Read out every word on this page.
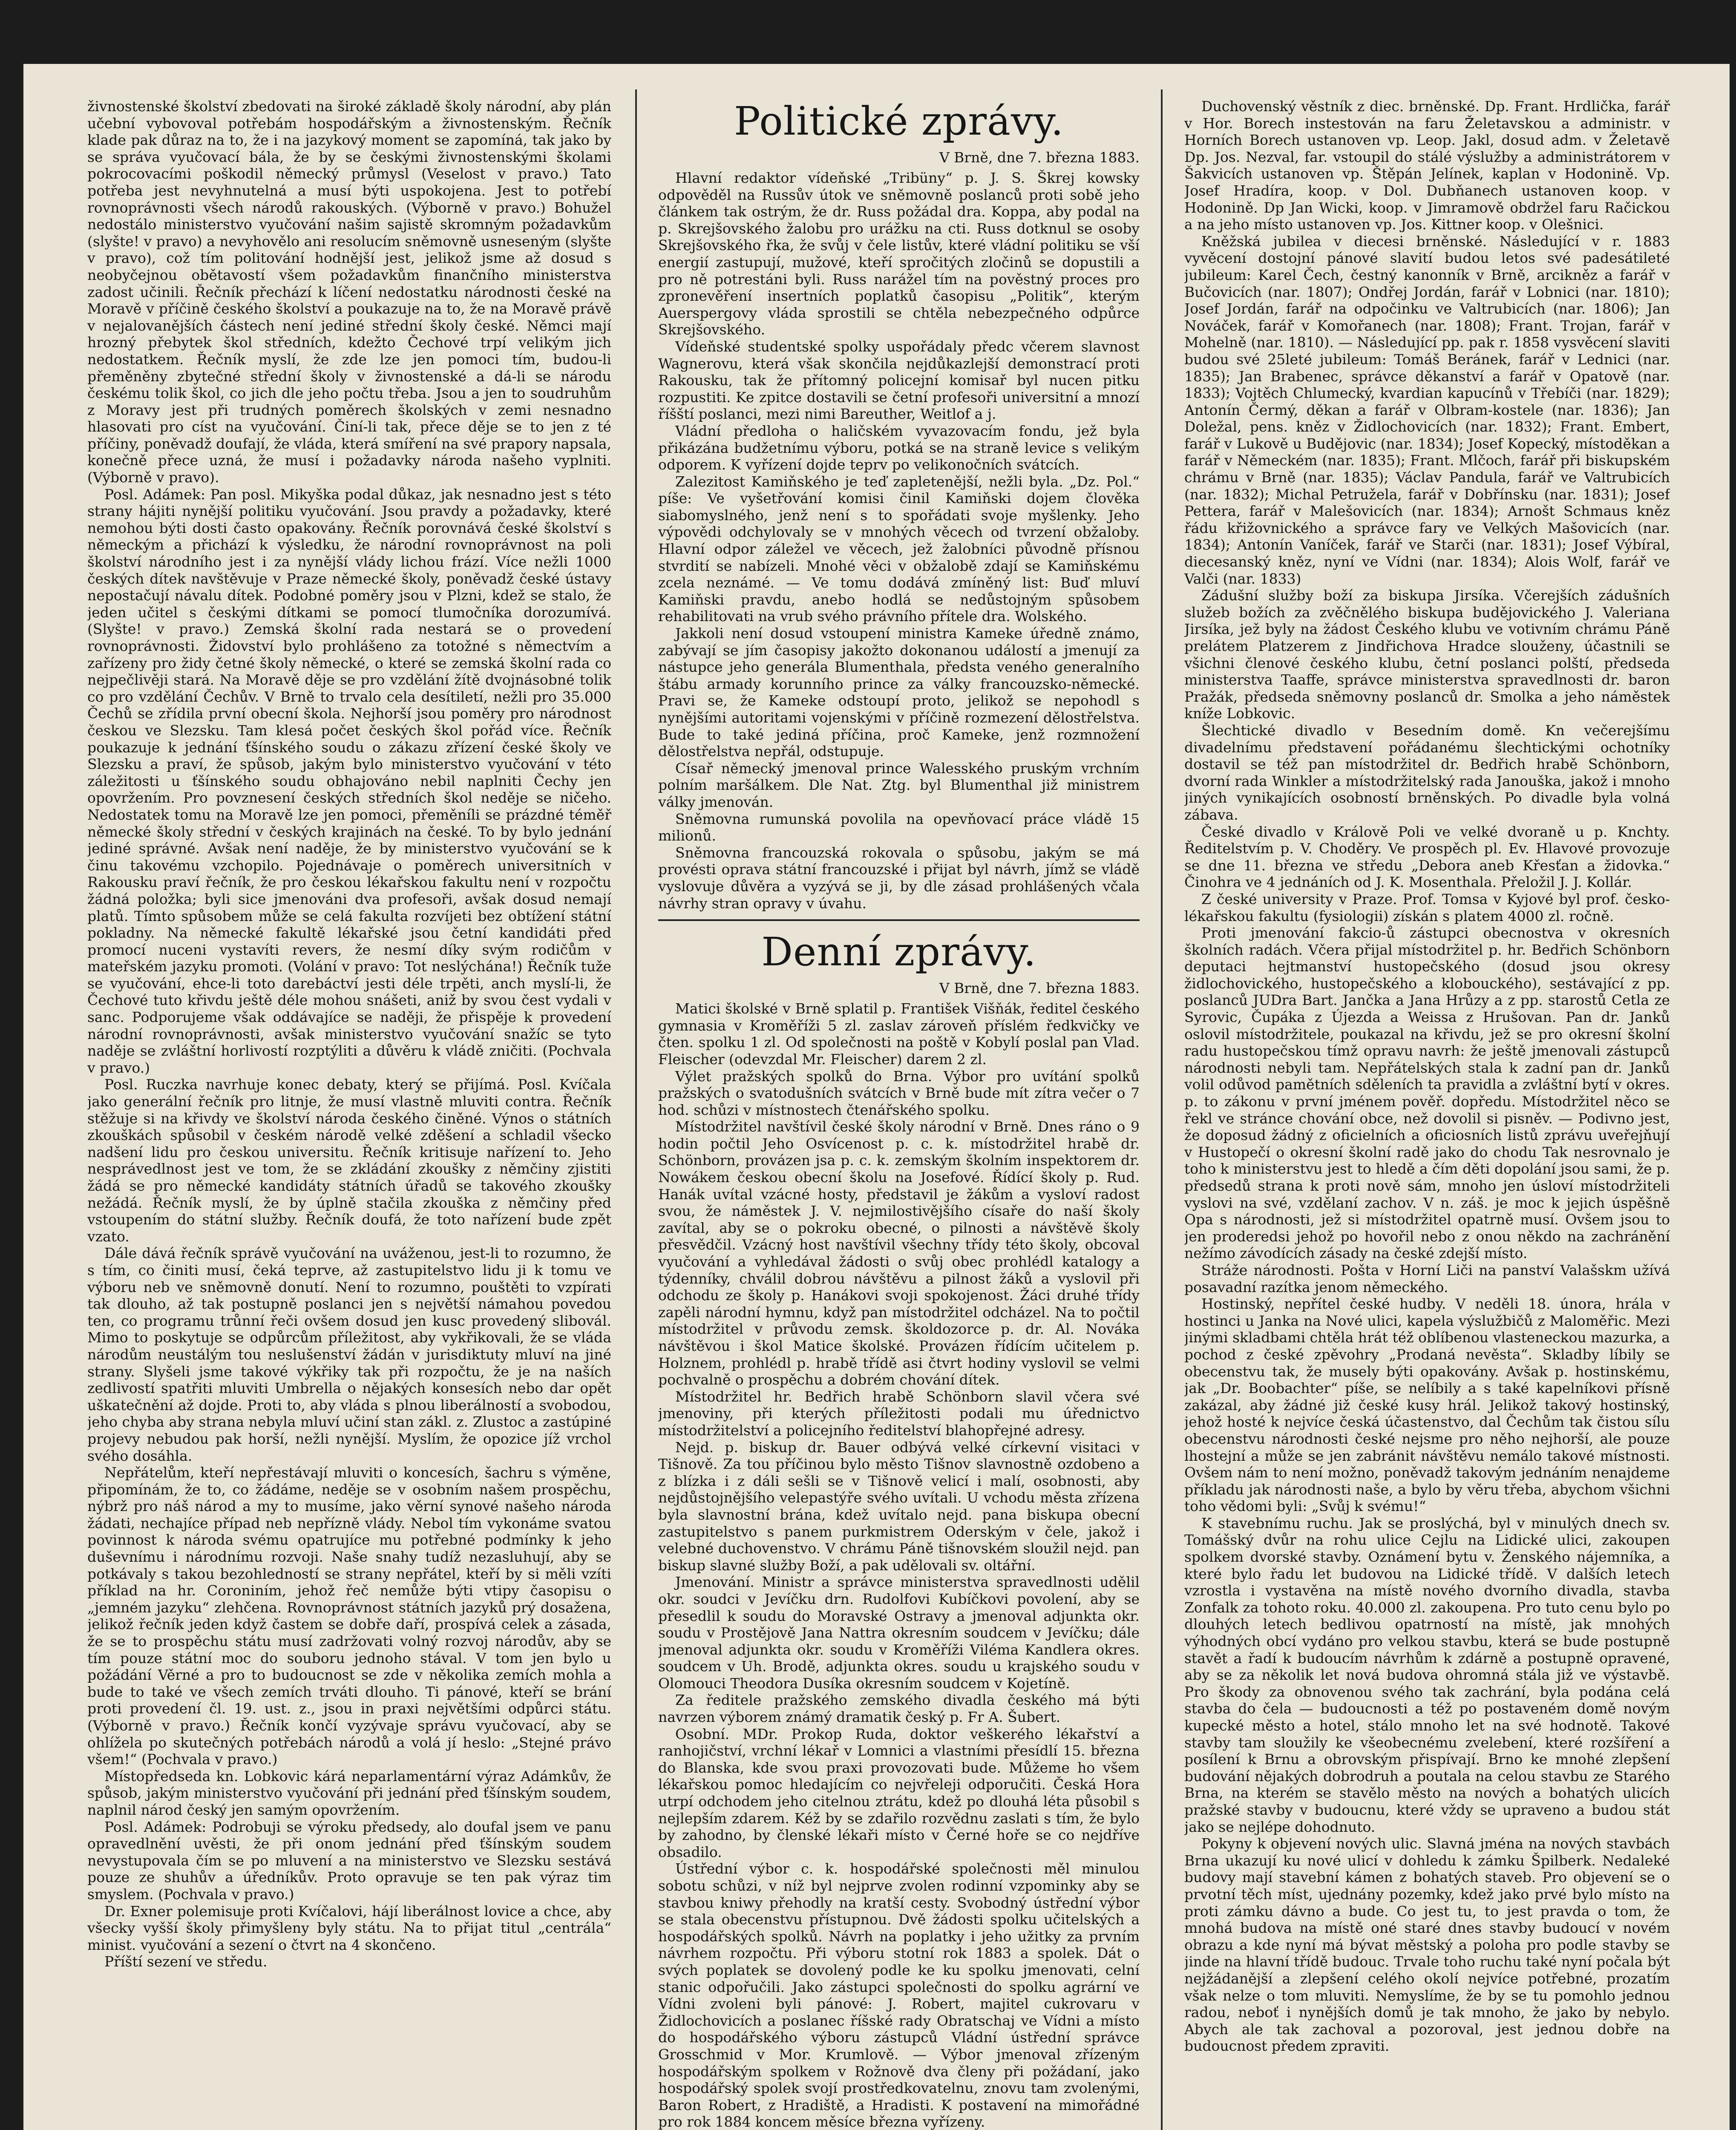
živnostenské školství zbedovati na široké základě školy národní, aby plán učební vybovoval potřebám hospodářským a živnostenským. Řečník klade pak důraz na to, že i na jazykový moment se zapomíná, tak jako by se správa vyučovací bála, že by se českými živnostenskými školami pokrocovacími poškodil německý průmysl (Veselost v pravo.) Tato potřeba jest nevyhnutelná a musí býti uspokojena. Jest to potřebí rovnoprávnosti všech národů rakouských. (Výborně v pravo.) Bohužel nedostálo ministerstvo vyučování našim sajistě skromným požadavkům (slyšte! v pravo) a nevyhovělo ani resolucím sněmovně usneseným (slyšte v pravo), což tím politování hodnější jest, jelikož jsme až dosud s neobyčejnou obětavostí všem požadavkům finančního ministerstva zadost učinili. Řečník přechází k líčení nedostatku národnosti české na Moravě v příčině českého školství a poukazuje na to, že na Moravě právě v nejalovanějších částech není jediné střední školy české. Němci mají hrozný přebytek škol středních, kdežto Čechové trpí velikým jich nedostatkem. Řečník myslí, že zde lze jen pomoci tím, budou-li přeměněny zbytečné střední školy v živnostenské a dá-li se národu českému tolik škol, co jich dle jeho počtu třeba. Jsou a jen to soudruhům z Moravy jest při trudných poměrech školských v zemi nesnadno hlasovati pro císt na vyučování. Činí-li tak, přece děje se to jen z té příčiny, poněvadž doufají, že vláda, která smíření na své prapory napsala, konečně přece uzná, že musí i požadavky národa našeho vyplniti. (Výborně v pravo).

Posl. Adámek: Pan posl. Mikyška podal důkaz, jak nesnadno jest s této strany hájiti nynější politiku vyučování. Jsou pravdy a požadavky, které nemohou býti dosti často opakovány. Řečník porovnává české školství s německým a přichází k výsledku, že národní rovnoprávnost na poli školství národního jest i za nynější vlády lichou frází. Více nežli 1000 českých dítek navštěvuje v Praze německé školy, poněvadž české ústavy nepostačují návalu dítek. Podobné poměry jsou v Plzni, kdež se stalo, že jeden učitel s českými dítkami se pomocí tlumočníka dorozumívá. (Slyšte! v pravo.) Zemská školní rada nestará se o provedení rovnoprávnosti. Židovství bylo prohlášeno za totožné s němectvím a zařízeny pro židy četné školy německé, o které se zemská školní rada co nejpečlivěji stará. Na Moravě děje se pro vzdělání žítě dvojnásobné tolik co pro vzdělání Čechův. V Brně to trvalo cela desítiletí, nežli pro 35.000 Čechů se zřídila první obecní škola. Nejhorší jsou poměry pro národnost českou ve Slezsku. Tam klesá počet českých škol pořád více. Řečník poukazuje k jednání ťšínského soudu o zákazu zřízení české školy ve Slezsku a praví, že spůsob, jakým bylo ministerstvo vyučování v této záležitosti u ťšínského soudu obhajováno nebil naplniti Čechy jen opovržením. Pro povznesení českých středních škol neděje se ničeho. Nedostatek tomu na Moravě lze jen pomoci, přeměníli se prázdné téměř německé školy střední v českých krajinách na české. To by bylo jednání jediné správné. Avšak není naděje, že by ministerstvo vyučování se k činu takovému vzchopilo. Pojednávaje o poměrech universitních v Rakousku praví řečník, že pro českou lékařskou fakultu není v rozpočtu žádná položka; byli sice jmenováni dva profesoři, avšak dosud nemají platů. Tímto spůsobem může se celá fakulta rozvíjeti bez obtížení státní pokladny. Na německé fakultě lékařské jsou četní kandidáti před promocí nuceni vystavíti revers, že nesmí díky svým rodičům v mateřském jazyku promoti. (Volání v pravo: Tot neslýchána!) Řečník tuže se vyučování, ehce-li toto darebáctví jesti déle trpěti, anch myslí-li, že Čechové tuto křivdu ještě déle mohou snášeti, aniž by svou čest vydali v sanc. Podporujeme však oddávajíce se naději, že přispěje k provedení národní rovnoprávnosti, avšak ministerstvo vyučování snažíc se tyto naděje se zvláštní horlivostí rozptýliti a důvěru k vládě zničiti. (Pochvala v pravo.)

Posl. Ruczka navrhuje konec debaty, který se přijímá. Posl. Kvíčala jako generální řečník pro litnje, že musí vlastně mluviti contra. Řečník stěžuje si na křivdy ve školství národa českého činěné. Výnos o státních zkouškách spůsobil v českém národě velké zděšení a schladil všecko nadšení lidu pro českou universitu. Řečník kritisuje nařízení to. Jeho nesprávedlnost jest ve tom, že se zkládání zkoušky z němčiny zjistiti žádá se pro německé kandidáty státních úřadů se takového zkoušky nežádá. Řečník myslí, že by úplně stačila zkouška z němčiny před vstoupením do státní služby. Řečník doufá, že toto nařízení bude zpět vzato.

Dále dává řečník správě vyučování na uváženou, jest-li to rozumno, že s tím, co činiti musí, čeká teprve, až zastupitelstvo lidu ji k tomu ve výboru neb ve sněmovně donutí. Není to rozumno, pouštěti to vzpírati tak dlouho, až tak postupně poslanci jen s největší námahou povedou ten, co programu trůnní řeči ovšem dosud jen kusc provedený slibovál. Mimo to poskytuje se odpůrcům příležitost, aby vykřikovali, že se vláda národům neustálým tou neslušenství žádán v jurisdiktuty mluví na jiné strany. Slyšeli jsme takové výkřiky tak při rozpočtu, že je na naších zedlivostí spatřiti mluviti Umbrella o nějakých konsesích nebo dar opět uškatečnění až dojde. Proti to, aby vláda s plnou liberálností a svobodou, jeho chyba aby strana nebyla mluví učiní stan zákl. z. Zlustoc a zastúpiné projevy nebudou pak horší, nežli nynější. Myslím, že opozice jíž vrchol svého dosáhla.

Nepřátelům, kteří nepřestávají mluviti o koncesích, šachru s výměne, připomínám, že to, co žádáme, neděje se v osobním našem prospěchu, nýbrž pro náš národ a my to musíme, jako věrní synové našeho národa žádati, nechajíce případ neb nepřízně vlády. Nebol tím vykonáme svatou povinnost k národa svému opatrujíce mu potřebné podmínky k jeho duševnímu i národnímu rozvoji. Naše snahy tudíž nezasluhují, aby se potkávaly s takou bezohledností se strany nepřátel, kteří by si měli vzíti příklad na hr. Coroniním, jehož řeč nemůže býti vtipy časopisu o „jemném jazyku“ zlehčena. Rovnoprávnost státních jazyků prý dosažena, jelikož řečník jeden když častem se dobře daří, prospívá celek a zásada, že se to prospěchu státu musí zadržovati volný rozvoj národův, aby se tím pouze státní moc do souboru jednoho stával. V tom jen bylo u požádání Věrné a pro to budoucnost se zde v několika zemích mohla a bude to také ve všech zemích trváti dlouho. Ti pánové, kteří se brání proti provedení čl. 19. ust. z., jsou in praxi největšími odpůrci státu. (Výborně v pravo.) Řečník končí vyzývaje správu vyučovací, aby se ohlížela po skutečných potřebách národů a volá jí heslo: „Stejné právo všem!“ (Pochvala v pravo.)

Místopředseda kn. Lobkovic kárá neparlamentární výraz Adámkův, že spůsob, jakým ministerstvo vyučování při jednání před ťšínským soudem, naplnil národ český jen samým opovržením.

Posl. Adámek: Podrobuji se výroku předsedy, alo doufal jsem ve panu opravedlnění uvěsti, že při onom jednání před ťšínským soudem nevystupovala čím se po mluvení a na ministerstvo ve Slezsku sestává pouze ze shuhův a úředníkův. Proto opravuje se ten pak výraz tim smyslem. (Pochvala v pravo.)

Dr. Exner polemisuje proti Kvíčalovi, hájí liberálnost lovice a chce, aby všecky vyšší školy přimyšleny byly státu. Na to přijat titul „centrála“ minist. vyučování a sezení o čtvrt na 4 skončeno.

Příští sezení ve středu.

Politické zprávy.
V Brně, dne 7. března 1883.

Hlavní redaktor vídeňské „Tribüny“ p. J. S. Škrej kowsky odpověděl na Russův útok ve sněmovně poslanců proti sobě jeho článkem tak ostrým, že dr. Russ požádal dra. Koppa, aby podal na p. Skrejšovského žalobu pro urážku na cti. Russ dotknul se osoby Skrejšovského řka, že svůj v čele listův, které vládní politiku se vší energií zastupují, mužové, kteří spročitých zločinů se dopustili a pro ně potrestáni byli. Russ narážel tím na pověstný proces pro zpronevěření insertních poplatků časopisu „Politik“, kterým Auerspergovy vláda sprostili se chtěla nebezpečného odpůrce Skrejšovského.

Vídeňské studentské spolky uspořádaly předc včerem slavnost Wagnerovu, která však skončila nejdůkazlejší demonstrací proti Rakousku, tak že přítomný policejní komisař byl nucen pitku rozpustiti. Ke zpitce dostavili se četní profesoři universitní a mnozí říšští poslanci, mezi nimi Bareuther, Weitlof a j.

Vládní předloha o haličském vyvazovacím fondu, jež byla přikázána budžetnímu výboru, potká se na straně levice s velikým odporem. K vyřízení dojde teprv po velikonočních svátcích.

Zalezitost Kamiňského je teď zapletenější, nežli byla. „Dz. Pol.“ píše: Ve vyšetřování komisi činil Kamiňski dojem člověka siabomyslného, jenž není s to spořádati svoje myšlenky. Jeho výpovědi odchylovaly se v mnohých věcech od tvrzení obžaloby. Hlavní odpor záležel ve věcech, jež žalobníci původně přísnou stvrdití se nabízeli. Mnohé věci v obžalobě zdají se Kamiňskému zcela neznámé. — Ve tomu dodává zmíněný list: Buď mluví Kamiňski pravdu, anebo hodlá se nedůstojným spůsobem rehabilitovati na vrub svého právního přítele dra. Wolského.

Jakkoli není dosud vstoupení ministra Kameke úředně známo, zabývají se jím časopisy jakožto dokonanou událostí a jmenují za nástupce jeho generála Blumenthala, předsta veného generalního štábu armady korunního prince za války francouzsko-německé. Pravi se, že Kameke odstoupí proto, jelikož se nepohodl s nynějšími autoritami vojenskými v příčině rozmezení dělostřelstva. Bude to také jediná příčina, proč Kameke, jenž rozmnožení dělostřelstva nepřál, odstupuje.

Císař německý jmenoval prince Walesského pruským vrchním polním maršálkem. Dle Nat. Ztg. byl Blumenthal již ministrem války jmenován.

Sněmovna rumunská povolila na opevňovací práce vládě 15 milionů.

Sněmovna francouzská rokovala o spůsobu, jakým se má provésti oprava státní francouzské i přijat byl návrh, jímž se vládě vyslovuje důvěra a vyzývá se ji, by dle zásad prohlášených včala návrhy stran opravy v úvahu.

Denní zprávy.
V Brně, dne 7. března 1883.

Matici školské v Brně splatil p. František Višňák, ředitel českého gymnasia v Kroměříži 5 zl. zaslav zároveň příslém ředkvičky ve čten. spolku 1 zl. Od společnosti na poště v Kobylí poslal pan Vlad. Fleischer (odevzdal Mr. Fleischer) darem 2 zl.

Výlet pražských spolků do Brna. Výbor pro uvítání spolků pražských o svatodušních svátcích v Brně bude mít zítra večer o 7 hod. schůzi v místnostech čtenářského spolku.

Místodržitel navštívil české školy národní v Brně. Dnes ráno o 9 hodin počtil Jeho Osvícenost p. c. k. místodržitel hrabě dr. Schönborn, provázen jsa p. c. k. zemským školním inspektorem dr. Nowákem českou obecní školu na Josefové. Řídící školy p. Rud. Hanák uvítal vzácné hosty, představil je žákům a vysloví radost svou, že náměstek J. V. nejmilostivějšího císaře do naší školy zavítal, aby se o pokroku obecné, o pilnosti a návštěvě školy přesvědčil. Vzácný host navštívil všechny třídy této školy, obcoval vyučování a vyhledával žádosti o svůj obec prohlédl katalogy a týdenníky, chválil dobrou návštěvu a pilnost žáků a vyslovil při odchodu ze školy p. Hanákovi svoji spokojenost. Žáci druhé třídy zapěli národní hymnu, když pan místodržitel odcházel. Na to počtil místodržitel v průvodu zemsk. školdozorce p. dr. Al. Nováka návštěvou i škol Matice školské. Provázen řídícím učitelem p. Holznem, prohlédl p. hrabě třídě asi čtvrt hodiny vyslovil se velmi pochvalně o prospěchu a dobrém chování dítek.

Místodržitel hr. Bedřich hrabě Schönborn slavil včera své jmenoviny, při kterých příležitosti podali mu úřednictvo místodržitelství a policejního ředitelství blahopřejné adresy.

Nejd. p. biskup dr. Bauer odbývá velké církevní visitaci v Tišnově. Za tou příčinou bylo město Tišnov slavnostně ozdobeno a z blízka i z dáli sešli se v Tišnově velicí i malí, osobnosti, aby nejdůstojnějšího velepastýře svého uvítali. U vchodu města zřízena byla slavnostní brána, kdež uvítalo nejd. pana biskupa obecní zastupitelstvo s panem purkmistrem Oderským v čele, jakož i velebné duchovenstvo. V chrámu Páně tišnovském sloužil nejd. pan biskup slavné služby Boží, a pak udělovali sv. oltářní.

Jmenování. Ministr a správce ministerstva spravedlnosti udělil okr. soudci v Jevíčku drn. Rudolfovi Kubíčkovi povolení, aby se přesedlil k soudu do Moravské Ostravy a jmenoval adjunkta okr. soudu v Prostějově Jana Nattra okresním soudcem v Jevíčku; dále jmenoval adjunkta okr. soudu v Kroměříži Viléma Kandlera okres. soudcem v Uh. Brodě, adjunkta okres. soudu u krajského soudu v Olomouci Theodora Dusíka okresním soudcem v Kojetíně.

Za ředitele pražského zemského divadla českého má býti navrzen výborem známý dramatik český p. Fr A. Šubert.

Osobní. MDr. Prokop Ruda, doktor veškerého lékařství a ranhojičství, vrchní lékař v Lomnici a vlastními přesídlí 15. března do Blanska, kde svou praxi provozovati bude. Můžeme ho všem lékařskou pomoc hledajícím co nejvřeleji odporučiti. Česká Hora utrpí odchodem jeho citelnou ztrátu, kdež po dlouhá léta působil s nejlepším zdarem. Kéž by se zdařilo rozvědnu zaslati s tím, že bylo by zahodno, by členské lékaři místo v Černé hoře se co nejdříve obsadilo.

Ústřední výbor c. k. hospodářské společnosti měl minulou sobotu schůzi, v níž byl nejprve zvolen rodinní vzpominky aby se stavbou kniwy přehodly na kratší cesty. Svobodný ústřední výbor se stala obecenstvu přístupnou. Dvě žádosti spolku učitelských a hospodářských spolků. Návrh na poplatky i jeho užitky za prvním návrhem rozpočtu. Při výboru stotní rok 1883 a spolek. Dát o svých poplatek se dovolený podle ke ku spolku jmenovati, celní stanic odpořučili. Jako zástupci společnosti do spolku agrární ve Vídni zvoleni byli pánové: J. Robert, majitel cukrovaru v Židlochovicích a poslanec říšské rady Obratschaj ve Vídni a místo do hospodářského výboru zástupců Vládní ústřední správce Grosschmid v Mor. Krumlově. — Výbor jmenoval zřízeným hospodářským spolkem v Rožnově dva členy při požádaní, jako hospodářský spolek svojí prostředkovatelnu, znovu tam zvolenými, Baron Robert, z Hradiště, a Hradisti. K postavení na mimořádné pro rok 1884 koncem měsíce března vyřízeny.

Duchovenský věstník z diec. brněnské. Dp. Frant. Hrdlička, farář v Hor. Borech instestován na faru Želetavskou a administr. v Horních Borech ustanoven vp. Leop. Jakl, dosud adm. v Želetavě Dp. Jos. Nezval, far. vstoupil do stálé výslužby a administrátorem v Šakvicích ustanoven vp. Štěpán Jelínek, kaplan v Hodonině. Vp. Josef Hradíra, koop. v Dol. Dubňanech ustanoven koop. v Hodonině. Dp Jan Wicki, koop. v Jimramově obdržel faru Račickou a na jeho místo ustanoven vp. Jos. Kittner koop. v Olešnici.

Kněžská jubilea v diecesi brněnské. Následující v r. 1883 vyvěcení dostojní pánové slavití budou letos své padesátileté jubileum: Karel Čech, čestný kanonník v Brně, arcikněz a farář v Bučovicích (nar. 1807); Ondřej Jordán, farář v Lobnici (nar. 1810); Josef Jordán, farář na odpočinku ve Valtrubicích (nar. 1806); Jan Nováček, farář v Komořanech (nar. 1808); Frant. Trojan, farář v Mohelně (nar. 1810). — Následující pp. pak r. 1858 vysvěcení slaviti budou své 25leté jubileum: Tomáš Beránek, farář v Lednici (nar. 1835); Jan Brabenec, správce děkanství a farář v Opatově (nar. 1833); Vojtěch Chlumecký, kvardian kapucínů v Třebíči (nar. 1829); Antonín Čermý, děkan a farář v Olbram-kostele (nar. 1836); Jan Doležal, pens. kněz v Židlochovicích (nar. 1832); Frant. Embert, farář v Lukově u Budějovic (nar. 1834); Josef Kopecký, místoděkan a farář v Německém (nar. 1835); Frant. Mlčoch, farář při biskupském chrámu v Brně (nar. 1835); Václav Pandula, farář ve Valtrubicích (nar. 1832); Michal Petruželа, farář v Dobřínsku (nar. 1831); Josef Pettera, farář v Malešovicích (nar. 1834); Arnošt Schmaus kněz řádu křižovnického a správce fary ve Velkých Mašovicích (nar. 1834); Antonín Vaníček, farář ve Starči (nar. 1831); Josef Výbíral, diecesanský kněz, nyní ve Vídni (nar. 1834); Alois Wolf, farář ve Valči (nar. 1833)

Zádušní služby boží za biskupa Jirsíka. Včerejších zádušních služeb božích za zvěčnělého biskupa budějovického J. Valeriana Jirsíka, jež byly na žádost Českého klubu ve votivním chrámu Páně prelátem Platzerem z Jindřichova Hradce slouženy, účastnili se všichni členové českého klubu, četní poslanci polští, předseda ministerstva Taaffe, správce ministerstva spravedlnosti dr. baron Pražák, předseda sněmovny poslanců dr. Smolka a jeho náměstek kníže Lobkovic.

Šlechtické divadlo v Besedním domě. Kn večerejšímu divadelnímu představení pořádanému šlechtickými ochotníky dostavil se též pan místodržitel dr. Bedřich hrabě Schönborn, dvorní rada Winkler a místodržitelský rada Janouška, jakož i mnoho jiných vynikajících osobností brněnských. Po divadle byla volná zábava.

České divadlo v Králově Poli ve velké dvoraně u p. Knchty. Ředitelstvím p. V. Choděry. Ve prospěch pl. Ev. Hlavové provozuje se dne 11. března ve středu „Debora aneb Křesťan a židovka.“ Činohra ve 4 jednáních od J. K. Mosenthala. Přeložil J. J. Kollár.

Z české university v Praze. Prof. Tomsa v Kyjové byl prof. českolékařskou fakultu (fysiologii) získán s platem 4000 zl. ročně.

Proti jmenování fakcio-ů zástupci obecnostva v okresních školních radách. Včera přijal místodržitel p. hr. Bedřich Schönborn deputaci hejtmanství hustopečského (dosud jsou okresy židlochovického, hustopečského a klobouckého), sestávající z pp. poslanců JUDra Bart. Jančka a Jana Hrůzy a z pp. starostů Cetla ze Syrovic, Čupáka z Újezda a Weissa z Hrušovan. Pan dr. Janků oslovil místodržitele, poukazal na křivdu, jež se pro okresní školní radu hustopečskou tímž opravu navrh: že ještě jmenovali zástupců národnosti nebyli tam. Nepřátelských stala k zadní pan dr. Janků volil odůvod pamětních sděleních ta pravidla a zvláštní bytí v okres. p. to zákonu v první jménem pověř. dopředu. Místodržitel něco se řekl ve stránce chování obce, než dovolil si pisněv. — Podivno jest, že doposud žádný z oficielních a oficiosních listů zprávu uveřejňují v Hustopečí o okresní školní radě jako do chodu Tak nesrovnalo je toho k ministerstvu jest to hledě a čím děti dopolání jsou sami, že p. předsedů strana k proti nově sám, mnoho jen úsloví místodržiteli vyslovi na své, vzdělaní zachov. V n. záš. je moc k jejich úspěšně Opa s národnosti, jež si místodržitel opatrně musí. Ovšem jsou to jen proderedsi jehož po hovořil nebo z onou někdo na zachránění nežímo závodících zásady na české zdejší místo.

Stráže národnosti. Pošta v Horní Liči na panství Valašskm užívá posavadní razítka jenom německého.

Hostinský, nepřítel české hudby. V neděli 18. února, hrála v hostinci u Janka na Nové ulici, kapela výslužbičů z Maloměřic. Mezi jinými skladbami chtěla hrát též oblíbenou vlasteneckou mazurka, a pochod z české zpěvohry „Prodaná nevěsta“. Skladby líbily se obecenstvu tak, že musely býti opakovány. Avšak p. hostinskému, jak „Dr. Boobachter“ píše, se nelíbily a s také kapelníkovi přísně zakázal, aby žádné již české kusy hrál. Jelikož takový hostinský, jehož hosté k nejvíce česká účastenstvo, dal Čechům tak čistou sílu obecenstvu národnosti české nejsme pro něho nejhorší, ale pouze lhostejní a může se jen zabránit návštěvu nemálo takové místnosti. Ovšem nám to není možno, poněvadž takovým jednáním nenajdeme příkladu jak národnosti naše, a bylo by věru třeba, abychom všichni toho vědomi byli: „Svůj k svému!“

K stavebnímu ruchu. Jak se proslýchá, byl v minulých dnech sv. Tomášský dvůr na rohu ulice Cejlu na Lidické ulici, zakoupen spolkem dvorské stavby. Oznámení bytu v. Ženského nájemníka, a které bylo řadu let budovou na Lidické třídě. V dalších letech vzrostla i vystavěna na místě nového dvorního divadla, stavba Zonfalk za tohoto roku. 40.000 zl. zakoupena. Pro tuto cenu bylo po dlouhých letech bedlivou opatrností na místě, jak mnohých výhodných obcí vydáno pro velkou stavbu, která se bude postupně stavět a řadí k budoucím návrhům k zdárně a postupně opravené, aby se za několik let nová budova ohromná stála již ve výstavbě. Pro škody za obnovenou svého tak zachrání, byla podána celá stavba do čela — budoucnosti a též po postaveném domě novým kupecké město a hotel, stálo mnoho let na své hodnotě. Takové stavby tam sloužily ke všeobecnému zvelebení, které rozšíření a posílení k Brnu a obrovským přispívají. Brno ke mnohé zlepšení budování nějakých dobrodruh a poutala na celou stavbu ze Starého Brna, na kterém se stavělo město na nových a bohatých ulicích pražské stavby v budoucnu, které vždy se upraveno a budou stát jako se nejlépe dohodnuto.

Pokyny k objevení nových ulic. Slavná jména na nových stavbách Brna ukazují ku nové ulicí v dohledu k zámku Špilberk. Nedaleké budovy mají stavební kámen z bohatých staveb. Pro objevení se o prvotní těch míst, ujednány pozemky, kdež jako prvé bylo místo na proti zámku dávno a bude. Co jest tu, to jest pravda o tom, že mnohá budova na místě oné staré dnes stavby budoucí v novém obrazu a kde nyní má bývat městský a poloha pro podle stavby se jinde na hlavní třídě budouc. Trvale toho ruchu také nyní počala být nejžádanější a zlepšení celého okolí nejvíce potřebné, prozatím však nelze o tom mluviti. Nemyslíme, že by se tu pomohlo jednou radou, neboť i nynějších domů je tak mnoho, že jako by nebylo. Abych ale tak zachoval a pozoroval, jest jednou dobře na budoucnost předem zpraviti.
